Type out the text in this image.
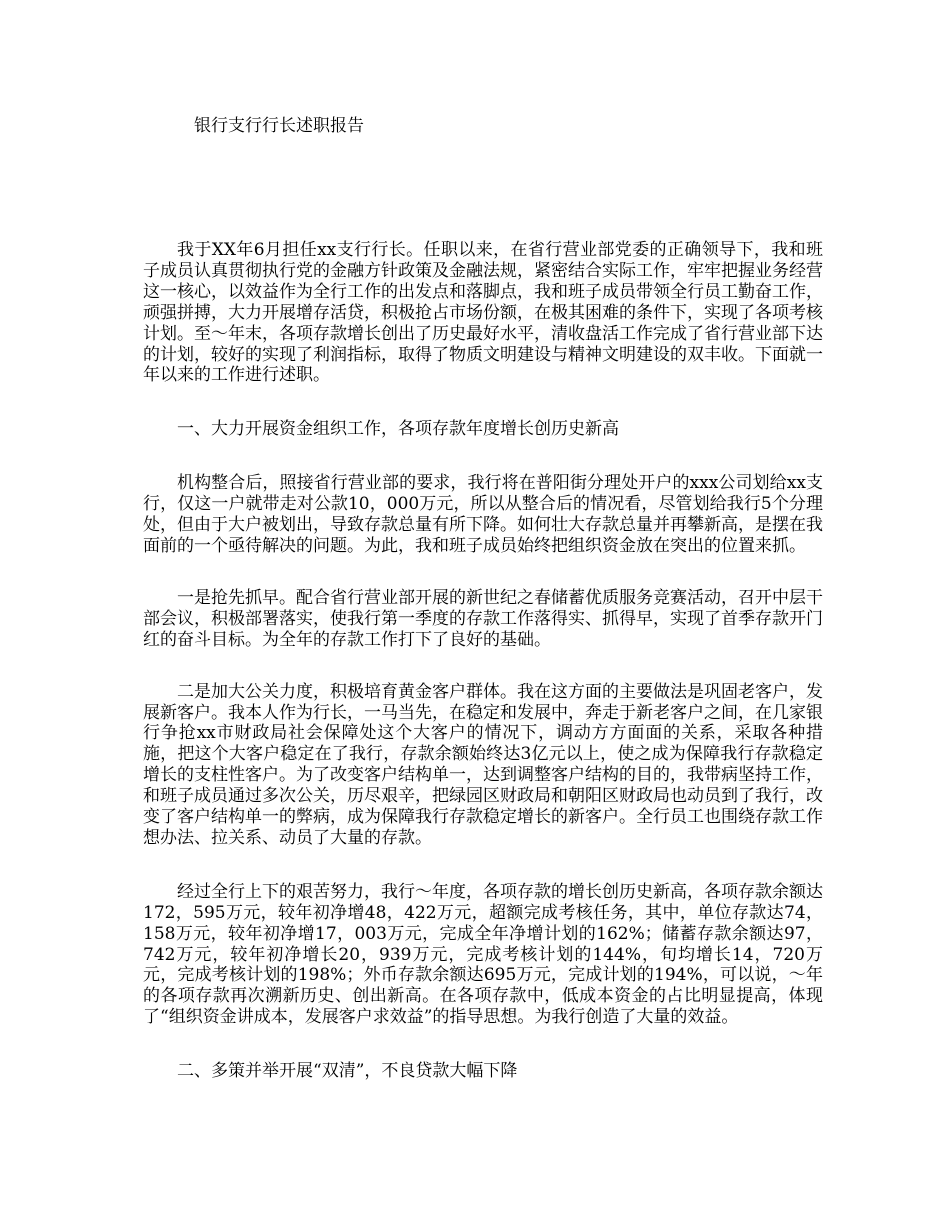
银行支行行长述职报告

我于XX年6月担任xx支行行长。任职以来，在省行营业部党委的正确领导下，我和班子成员认真贯彻执行党的金融方针政策及金融法规，紧密结合实际工作，牢牢把握业务经营这一核心，以效益作为全行工作的出发点和落脚点，我和班子成员带领全行员工勤奋工作，顽强拼搏，大力开展增存活贷，积极抢占市场份额，在极其困难的条件下，实现了各项考核计划。至～年末，各项存款增长创出了历史最好水平，清收盘活工作完成了省行营业部下达的计划，较好的实现了利润指标，取得了物质文明建设与精神文明建设的双丰收。下面就一年以来的工作进行述职。

一、大力开展资金组织工作，各项存款年度增长创历史新高

机构整合后，照接省行营业部的要求，我行将在普阳街分理处开户的xxx公司划给xx支行，仅这一户就带走对公款10，000万元，所以从整合后的情况看，尽管划给我行5个分理处，但由于大户被划出，导致存款总量有所下降。如何壮大存款总量并再攀新高，是摆在我面前的一个亟待解决的问题。为此，我和班子成员始终把组织资金放在突出的位置来抓。

一是抢先抓早。配合省行营业部开展的新世纪之春储蓄优质服务竞赛活动，召开中层干部会议，积极部署落实，使我行第一季度的存款工作落得实、抓得早，实现了首季存款开门红的奋斗目标。为全年的存款工作打下了良好的基础。

二是加大公关力度，积极培育黄金客户群体。我在这方面的主要做法是巩固老客户，发展新客户。我本人作为行长，一马当先，在稳定和发展中，奔走于新老客户之间，在几家银行争抢xx市财政局社会保障处这个大客户的情况下，调动方方面面的关系，采取各种措施，把这个大客户稳定在了我行，存款余额始终达3亿元以上，使之成为保障我行存款稳定增长的支柱性客户。为了改变客户结构单一，达到调整客户结构的目的，我带病坚持工作，和班子成员通过多次公关，历尽艰辛，把绿园区财政局和朝阳区财政局也动员到了我行，改变了客户结构单一的弊病，成为保障我行存款稳定增长的新客户。全行员工也围绕存款工作想办法、拉关系、动员了大量的存款。

经过全行上下的艰苦努力，我行～年度，各项存款的增长创历史新高，各项存款余额达172，595万元，较年初净增48，422万元，超额完成考核任务，其中，单位存款达74，158万元，较年初净增17，003万元，完成全年净增计划的162%；储蓄存款余额达97，742万元，较年初净增长20，939万元，完成考核计划的144%，旬均增长14，720万元，完成考核计划的198%；外币存款余额达695万元，完成计划的194%，可以说，～年的各项存款再次溯新历史、创出新高。在各项存款中，低成本资金的占比明显提高，体现了“组织资金讲成本，发展客户求效益”的指导思想。为我行创造了大量的效益。

二、多策并举开展“双清”，不良贷款大幅下降
